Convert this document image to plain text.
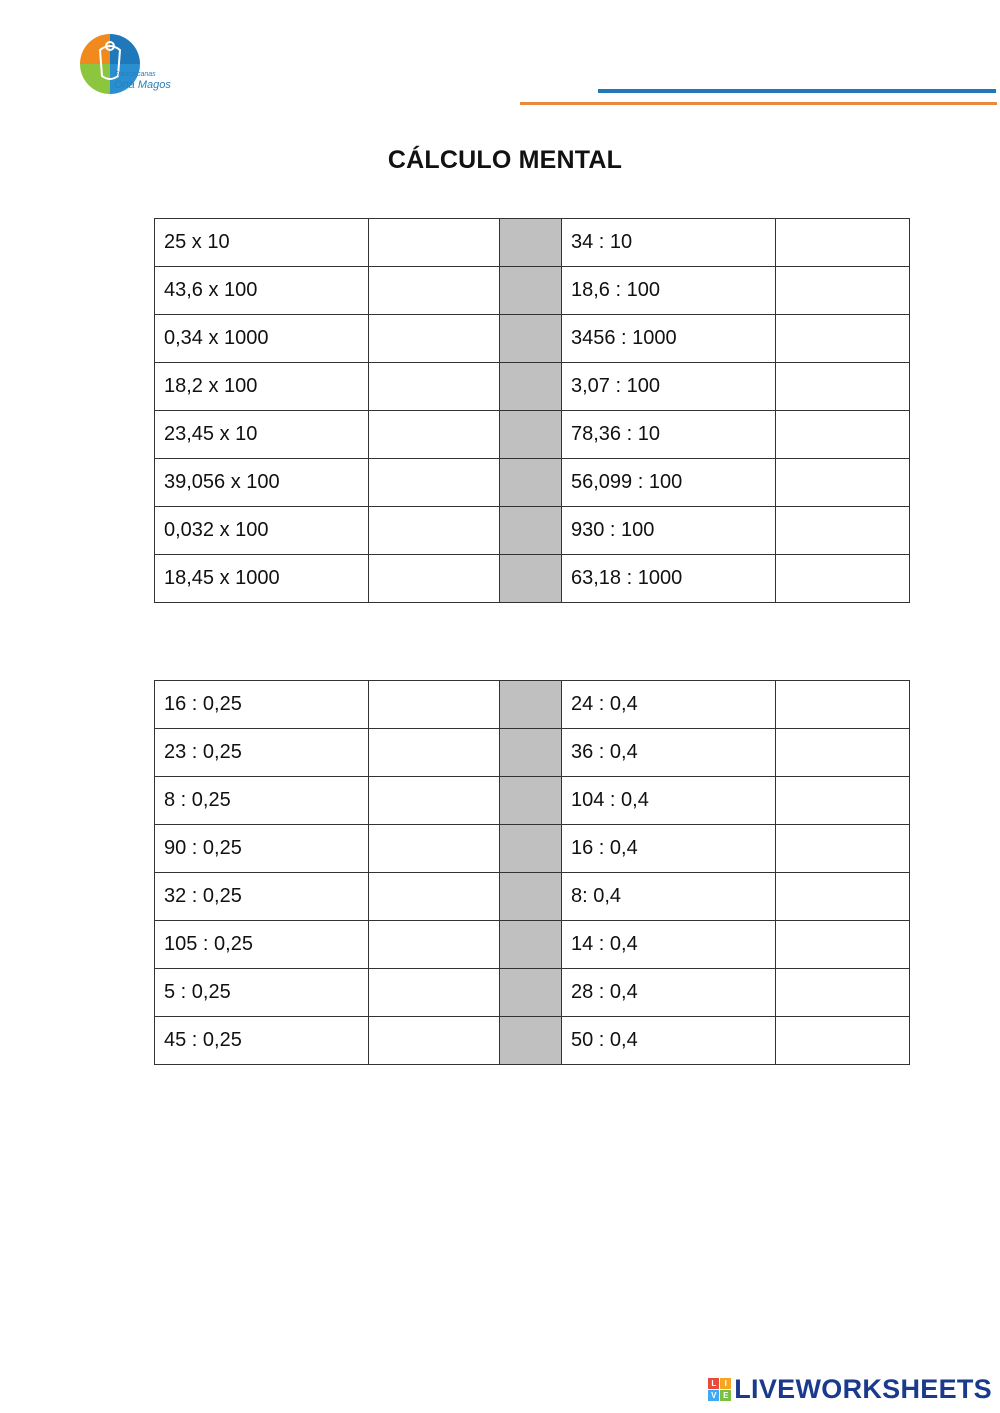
Franciscanas
Ona Magos
CÁLCULO MENTAL
25 x 10			34 : 10	
43,6 x 100			18,6 : 100	
0,34 x 1000			3456 : 1000	
18,2 x 100			3,07 : 100	
23,45 x 10			78,36 : 10	
39,056 x 100			56,099 : 100	
0,032 x 100			930 : 100	
18,45 x 1000			63,18 : 1000	
16 : 0,25			24 : 0,4	
23 : 0,25			36 : 0,4	
8 : 0,25			104 : 0,4	
90 : 0,25			16 : 0,4	
32 : 0,25			8: 0,4	
105 : 0,25			14 : 0,4	
5 : 0,25			28 : 0,4	
45 : 0,25			50 : 0,4	
L	I
V E LIVEWORKSHEETS
